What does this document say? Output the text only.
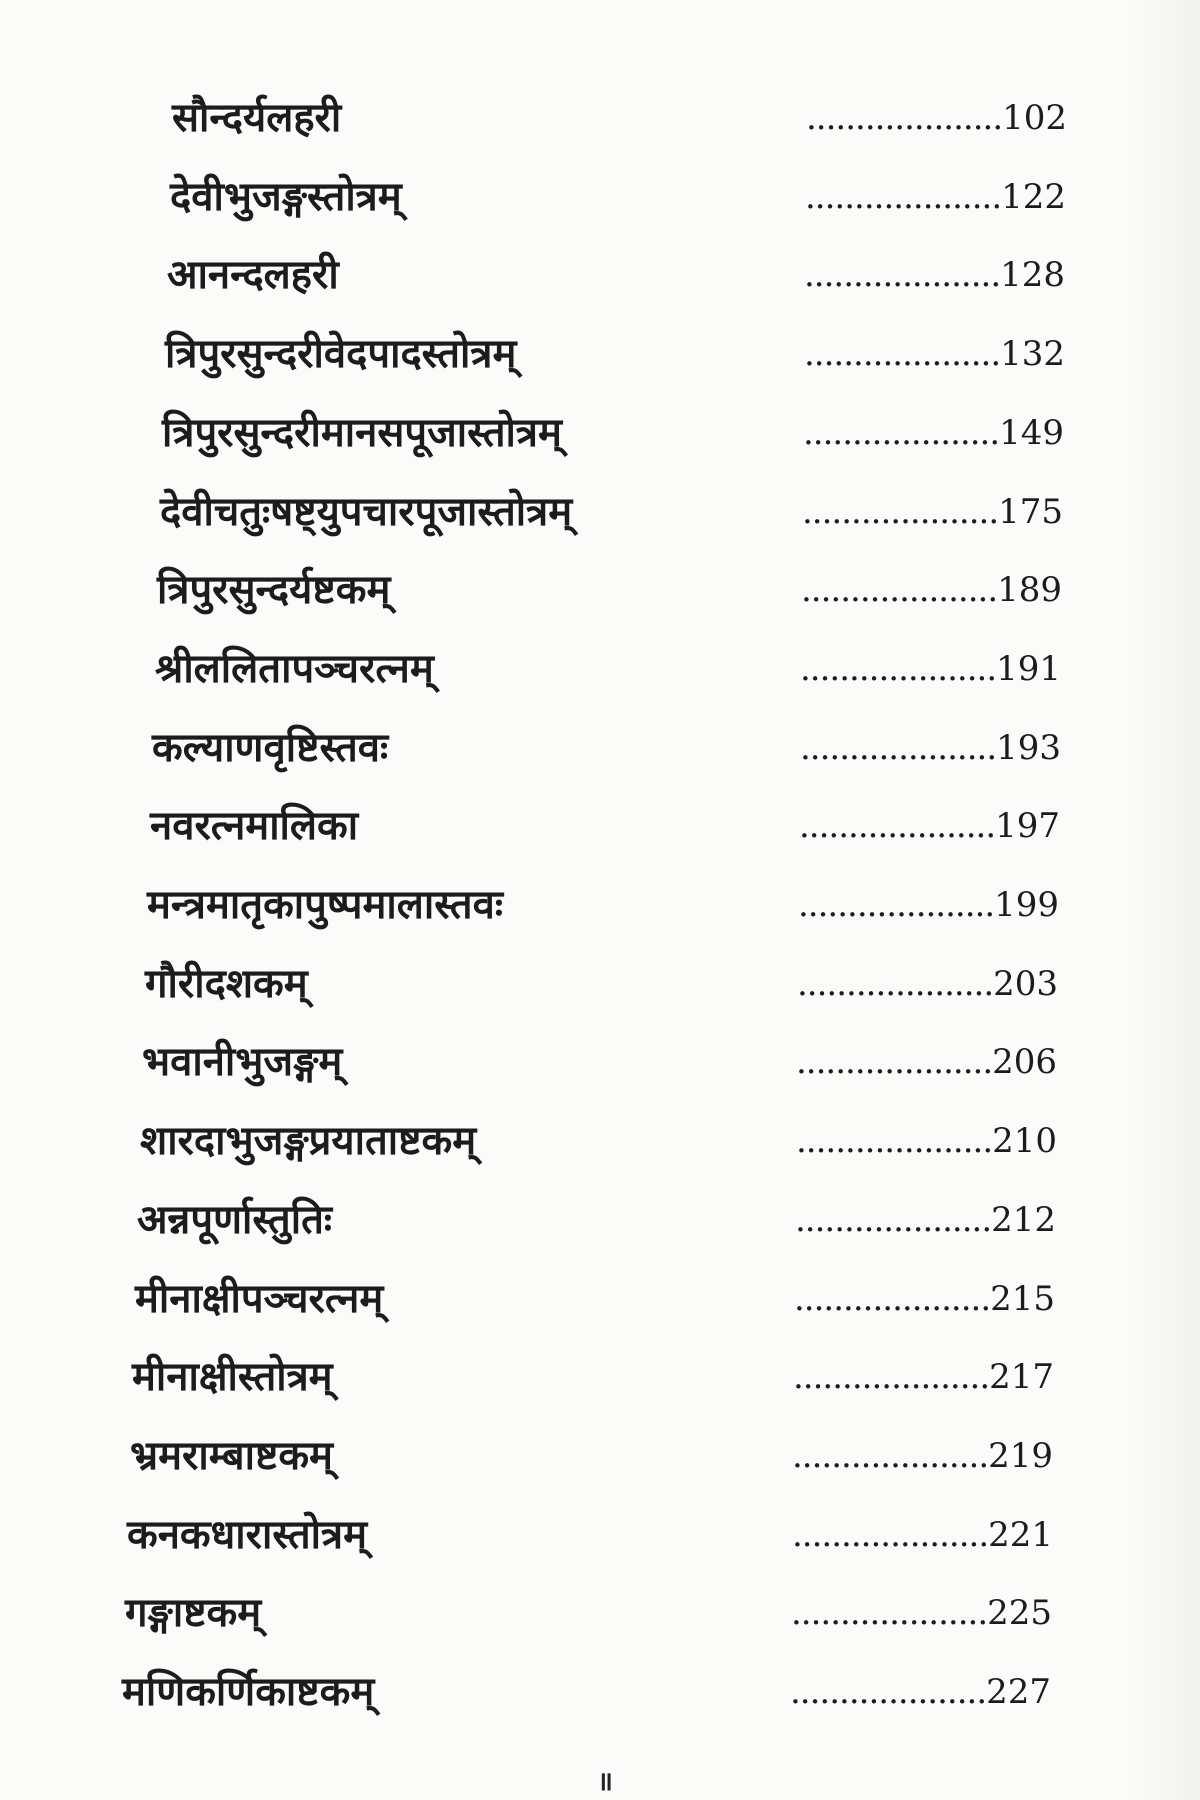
सौन्दर्यलहरी	....................102
देवीभुजङ्गस्तोत्रम्	....................122
आनन्दलहरी	....................128
त्रिपुरसुन्दरीवेदपादस्तोत्रम्	....................132
त्रिपुरसुन्दरीमानसपूजास्तोत्रम्	....................149
देवीचतुःषष्ट्युपचारपूजास्तोत्रम्	....................175
त्रिपुरसुन्दर्यष्टकम्	....................189
श्रीललितापञ्चरत्नम्	....................191
कल्याणवृष्टिस्तवः	....................193
नवरत्नमालिका	....................197
मन्त्रमातृकापुष्पमालास्तवः	....................199
गौरीदशकम्	....................203
भवानीभुजङ्गम्	....................206
शारदाभुजङ्गप्रयाताष्टकम्	....................210
अन्नपूर्णास्तुतिः	....................212
मीनाक्षीपञ्चरत्नम्	....................215
मीनाक्षीस्तोत्रम्	....................217
भ्रमराम्बाष्टकम्	....................219
कनकधारास्तोत्रम्	....................221
गङ्गाष्टकम्	....................225
मणिकर्णिकाष्टकम्	....................227
॥
